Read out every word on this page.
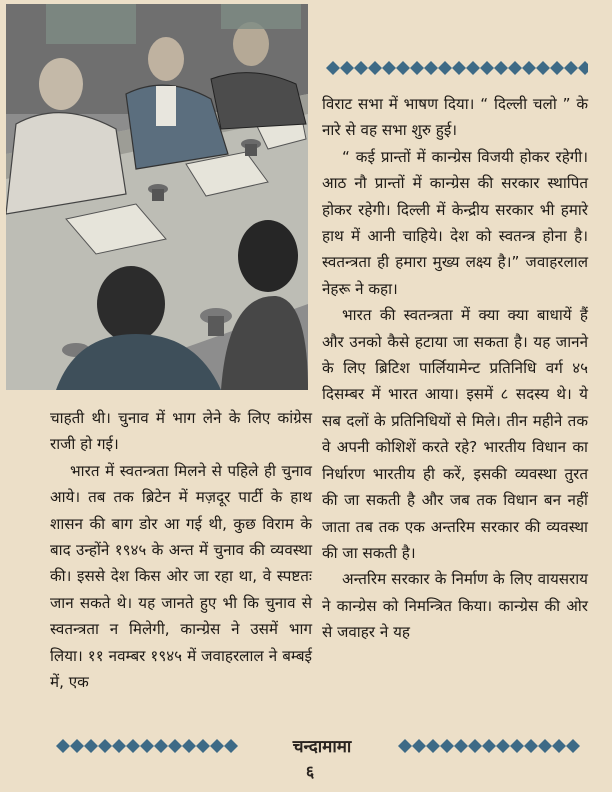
विराट सभा में भाषण दिया। “ दिल्ली चलो ” के नारे से वह सभा शुरु हुई।

“ कई प्रान्तों में कान्ग्रेस विजयी होकर रहेगी। आठ नौ प्रान्तों में कान्ग्रेस की सरकार स्थापित होकर रहेगी। दिल्ली में केन्द्रीय सरकार भी हमारे हाथ में आनी चाहिये। देश को स्वतन्त्र होना है। स्वतन्त्रता ही हमारा मुख्य लक्ष्य है।” जवाहरलाल नेहरू ने कहा।

भारत की स्वतन्त्रता में क्या क्या बाधायें हैं और उनको कैसे हटाया जा सकता है। यह जानने के लिए ब्रिटिश पार्लियामेन्ट प्रतिनिधि वर्ग ४५ दिसम्बर में भारत आया। इसमें ८ सदस्य थे। ये सब दलों के प्रतिनिधियों से मिले। तीन महीने तक वे अपनी कोशिशें करते रहे? भारतीय विधान का निर्धारण भारतीय ही करें, इसकी व्यवस्था तुरत की जा सकती है और जब तक विधान बन नहीं जाता तब तक एक अन्तरिम सरकार की व्यवस्था की जा सकती है।

अन्तरिम सरकार के निर्माण के लिए वायसराय ने कान्ग्रेस को निमन्त्रित किया। कान्ग्रेस की ओर से जवाहर ने यह

चाहती थी। चुनाव में भाग लेने के लिए कांग्रेस राजी हो गई।

भारत में स्वतन्त्रता मिलने से पहिले ही चुनाव आये। तब तक ब्रिटेन में मज़दूर पार्टी के हाथ शासन की बाग डोर आ गई थी, कुछ विराम के बाद उन्होंने १९४५ के अन्त में चुनाव की व्यवस्था की। इससे देश किस ओर जा रहा था, वे स्पष्टतः जान सकते थे। यह जानते हुए भी कि चुनाव से स्वतन्त्रता न मिलेगी, कान्ग्रेस ने उसमें भाग लिया। ११ नवम्बर १९४५ में जवाहरलाल ने बम्बई में, एक

चन्दामामा
६
